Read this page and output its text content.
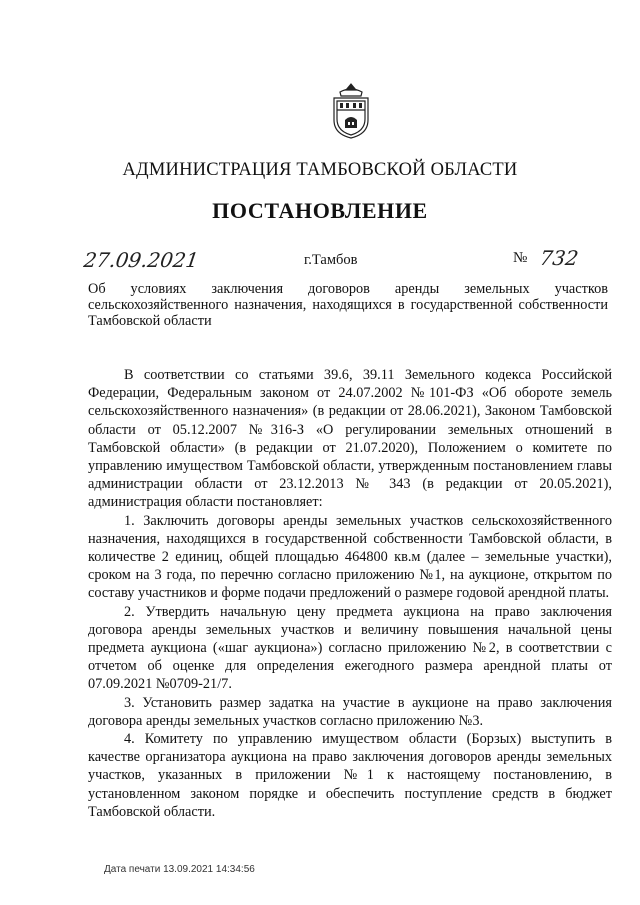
АДМИНИСТРАЦИЯ ТАМБОВСКОЙ ОБЛАСТИ
ПОСТАНОВЛЕНИЕ
27.09.2021	г.Тамбов	№ 732
Об условиях заключения договоров аренды земельных участков сельскохозяйственного назначения, находящихся в государственной собственности Тамбовской области

В соответствии со статьями 39.6, 39.11 Земельного кодекса Российской Федерации, Федеральным законом от 24.07.2002 №101-ФЗ «Об обороте земель сельскохозяйственного назначения» (в редакции от 28.06.2021), Законом Тамбовской области от 05.12.2007 №316-З «О регулировании земельных отношений в Тамбовской области» (в редакции от 21.07.2020), Положением о комитете по управлению имуществом Тамбовской области, утвержденным постановлением главы администрации области от 23.12.2013 № 343 (в редакции от 20.05.2021), администрация области постановляет:

1. Заключить договоры аренды земельных участков сельскохозяйственного назначения, находящихся в государственной собственности Тамбовской области, в количестве 2 единиц, общей площадью 464800 кв.м (далее – земельные участки), сроком на 3 года, по перечню согласно приложению №1, на аукционе, открытом по составу участников и форме подачи предложений о размере годовой арендной платы.

2. Утвердить начальную цену предмета аукциона на право заключения договора аренды земельных участков и величину повышения начальной цены предмета аукциона («шаг аукциона») согласно приложению №2, в соответствии с отчетом об оценке для определения ежегодного размера арендной платы от 07.09.2021 №0709-21/7.

3. Установить размер задатка на участие в аукционе на право заключения договора аренды земельных участков согласно приложению №3.

4. Комитету по управлению имуществом области (Борзых) выступить в качестве организатора аукциона на право заключения договоров аренды земельных участков, указанных в приложении №1 к настоящему постановлению, в установленном законом порядке и обеспечить поступление средств в бюджет Тамбовской области.

Дата печати 13.09.2021 14:34:56
